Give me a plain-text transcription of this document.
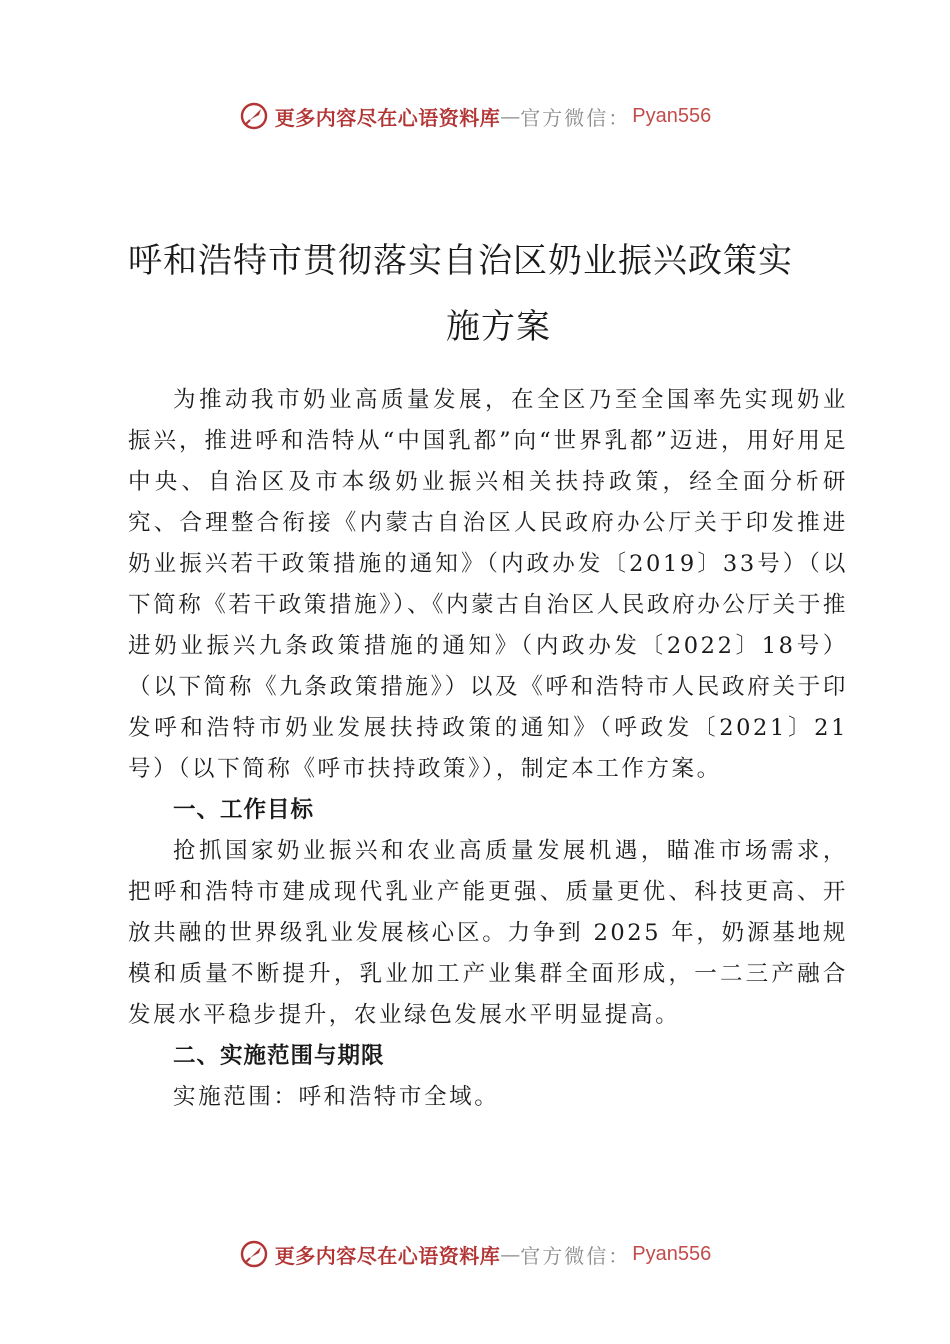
更多内容尽在心语资料库 — 官方微信： Pyan556
呼和浩特市贯彻落实自治区奶业振兴政策实
施方案

为推动我市奶业高质量发展，在全区乃至全国率先实现奶业振兴，推进呼和浩特从“中国乳都”向“世界乳都”迈进，用好用足中央、自治区及市本级奶业振兴相关扶持政策，经全面分析研究、合理整合衔接《内蒙古自治区人民政府办公厅关于印发推进奶业振兴若干政策措施的通知》（内政办发〔2019〕33号）（以下简称《若干政策措施》）、《内蒙古自治区人民政府办公厅关于推进奶业振兴九条政策措施的通知》（内政办发〔2022〕18号）（以下简称《九条政策措施》）以及《呼和浩特市人民政府关于印发呼和浩特市奶业发展扶持政策的通知》（呼政发〔2021〕21号）（以下简称《呼市扶持政策》），制定本工作方案。

一、工作目标

抢抓国家奶业振兴和农业高质量发展机遇，瞄准市场需求，把呼和浩特市建成现代乳业产能更强、质量更优、科技更高、开放共融的世界级乳业发展核心区。力争到 2025 年，奶源基地规模和质量不断提升，乳业加工产业集群全面形成，一二三产融合发展水平稳步提升，农业绿色发展水平明显提高。

二、实施范围与期限

实施范围：呼和浩特市全域。

更多内容尽在心语资料库 — 官方微信： Pyan556
